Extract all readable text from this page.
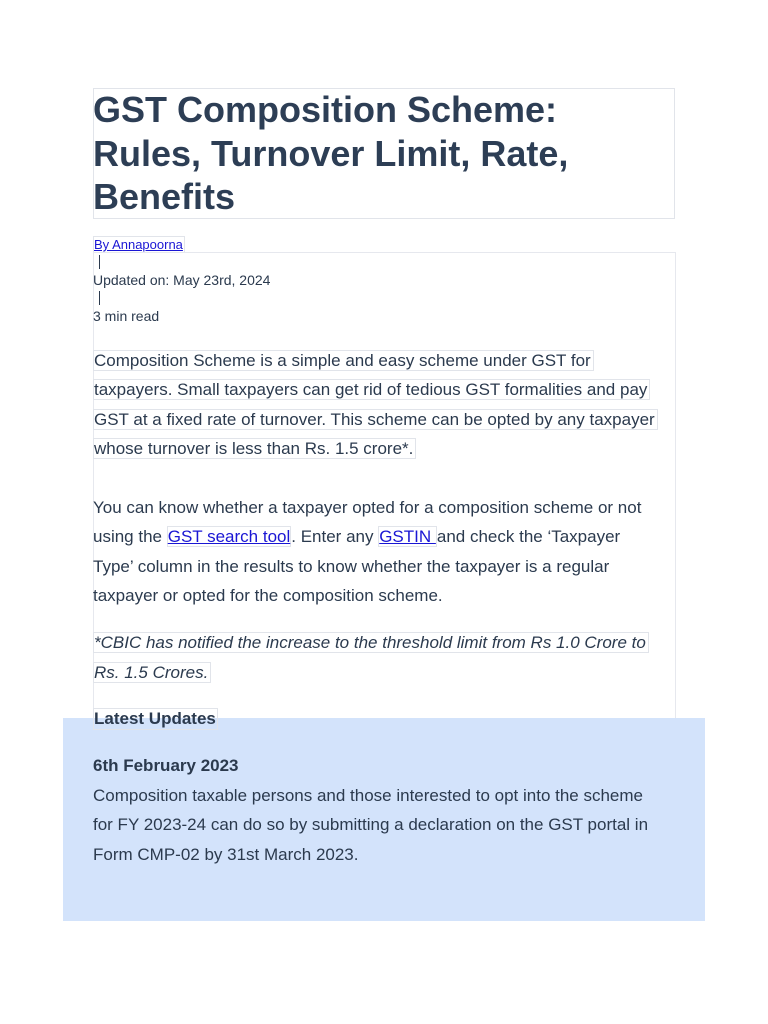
GST Composition Scheme: Rules, Turnover Limit, Rate, Benefits
By Annapoorna
Updated on: May 23rd, 2024
3 min read
Composition Scheme is a simple and easy scheme under GST for
taxpayers. Small taxpayers can get rid of tedious GST formalities and pay
GST at a fixed rate of turnover. This scheme can be opted by any taxpayer
whose turnover is less than Rs. 1.5 crore*.
You can know whether a taxpayer opted for a composition scheme or not
using the GST search tool. Enter any GSTIN and check the ‘Taxpayer
Type’ column in the results to know whether the taxpayer is a regular
taxpayer or opted for the composition scheme.
*CBIC has notified the increase to the threshold limit from Rs 1.0 Crore to
Rs. 1.5 Crores.
Latest Updates
6th February 2023
Composition taxable persons and those interested to opt into the scheme
for FY 2023-24 can do so by submitting a declaration on the GST portal in
Form CMP-02 by 31st March 2023.
